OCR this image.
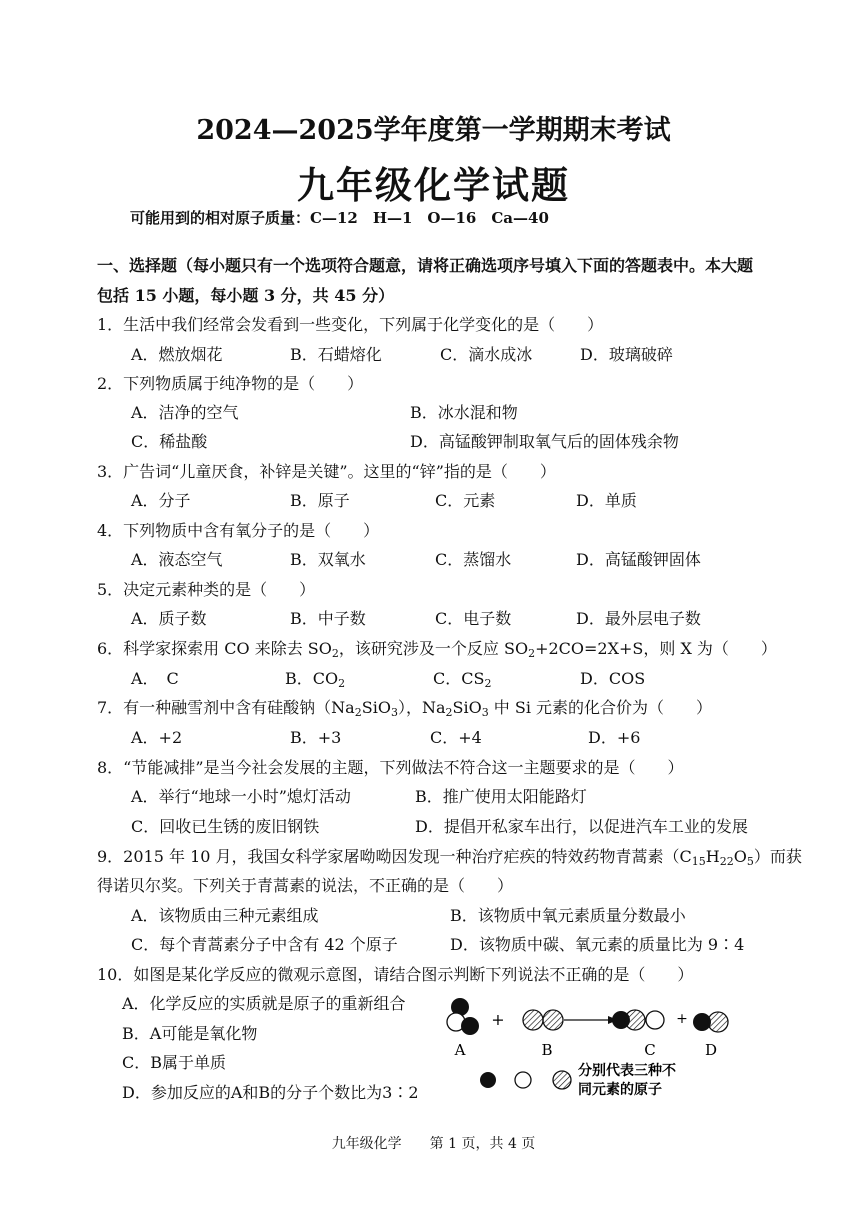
2024—2025学年度第一学期期末考试
九年级化学试题
可能用到的相对原子质量：C—12　H—1　O—16　Ca—40
一、选择题（每小题只有一个选项符合题意，请将正确选项序号填入下面的答题表中。本大题
包括 15 小题，每小题 3 分，共 45 分）
1．生活中我们经常会发看到一些变化，下列属于化学变化的是（　　）
A．燃放烟花	B．石蜡熔化	C．滴水成冰	D．玻璃破碎
2．下列物质属于纯净物的是（　　）
A．洁净的空气	B．冰水混和物
C．稀盐酸	D．高锰酸钾制取氧气后的固体残余物
3．广告词“儿童厌食，补锌是关键”。这里的“锌”指的是（　　）
A．分子	B．原子	C．元素	D．单质
4．下列物质中含有氧分子的是（　　）
A．液态空气	B．双氧水	C．蒸馏水	D．高锰酸钾固体
5．决定元素种类的是（　　）
A．质子数	B．中子数	C．电子数	D．最外层电子数
6．科学家探索用 CO 来除去 $SO_2$，该研究涉及一个反应 $SO_2+2CO=2X+S$，则 X 为（　　）
A．　C	B．$CO_2$	C．$CS_2$	D．COS
7．有一种融雪剂中含有硅酸钠$(Na_2SiO_3)$，$Na_2SiO_3$ 中 Si 元素的化合价为（　　）
A．+2	B．+3	C．+4	D．+6
8．“节能减排”是当今社会发展的主题，下列做法不符合这一主题要求的是（　　）
A．举行“地球一小时”熄灯活动	B．推广使用太阳能路灯
C．回收已生锈的废旧钢铁	D．提倡开私家车出行，以促进汽车工业的发展
9．2015 年 10 月，我国女科学家屠呦呦因发现一种治疗疟疾的特效药物青蒿素$(C_{15}H_{22}O_5)$而获
得诺贝尔奖。下列关于青蒿素的说法，不正确的是（　　）
A．该物质由三种元素组成	B．该物质中氧元素质量分数最小
C．每个青蒿素分子中含有 42 个原子	D．该物质中碳、氧元素的质量比为 9∶4
10．如图是某化学反应的微观示意图，请结合图示判断下列说法不正确的是（　　）
A．化学反应的实质就是原子的重新组合
B．A可能是氧化物
C．B属于单质
D．参加反应的A和B的分子个数比为3∶2
+	+
A	B	C	D
分别代表三种不
同元素的原子
九年级化学　　第 1 页，共 4 页
